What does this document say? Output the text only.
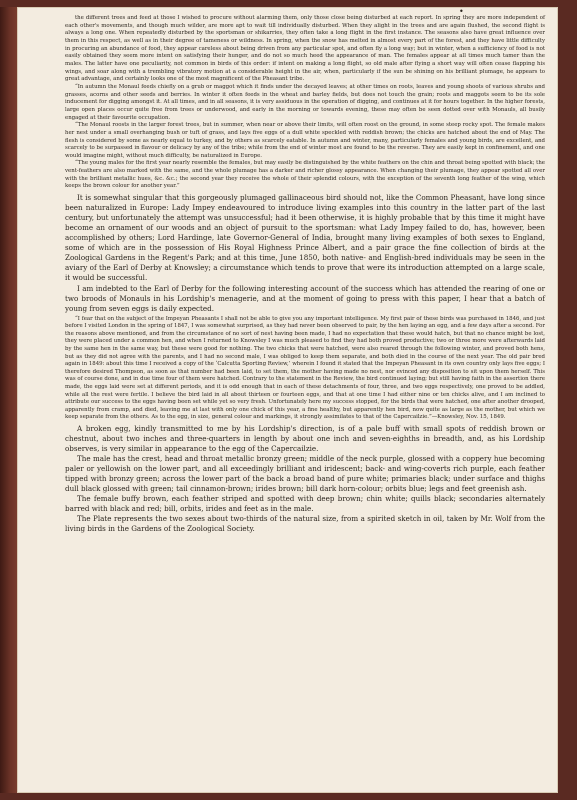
•

the different trees and feed at those I wished to procure without alarming them, only those close being disturbed at each report. In spring they are more independent of each other's movements, and though much wilder, are more apt to wait till individually disturbed. When they alight in the trees and are again flushed, the second flight is always a long one. When repeatedly disturbed by the sportsman or shikarries, they often take a long flight in the first instance. The seasons also have great influence over them in this respect, as well as in their degree of tameness or wildness. In spring, when the snow has melted in almost every part of the forest, and they have little difficulty in procuring an abundance of food, they appear careless about being driven from any particular spot, and often fly a long way; but in winter, when a sufficiency of food is not easily obtained they seem more intent on satisfying their hunger, and do not so much heed the appearance of man. The females appear at all times much tamer than the males. The latter have one peculiarity, not common in birds of this order: if intent on making a long flight, so old male after flying a short way will often cease flapping his wings, and soar along with a trembling vibratory motion at a considerable height in the air, when, particularly if the sun be shining on his brilliant plumage, he appears to great advantage, and certainly looks one of the most magnificent of the Pheasant tribe.

“In autumn the Monaul feeds chiefly on a grub or maggot which it finds under the decayed leaves; at other times on roots, leaves and young shoots of various shrubs and grasses, acorns and other seeds and berries. In winter it often feeds in the wheat and barley fields, but does not touch the grain; roots and maggots seem to be its sole inducement for digging amongst it. At all times, and in all seasons, it is very assiduous in the operation of digging, and continues at it for hours together. In the higher forests, large open places occur quite free from trees or underwood, and early in the morning or towards evening, these may often be seen dotted over with Monauls, all busily engaged at their favourite occupation.

“The Monaul roosts in the larger forest trees, but in summer, when near or above their limits, will often roost on the ground, in some steep rocky spot. The female makes her nest under a small overhanging bush or tuft of grass, and lays five eggs of a dull white speckled with reddish brown; the chicks are hatched about the end of May. The flesh is considered by some as nearly equal to turkey, and by others as scarcely eatable. In autumn and winter, many, particularly females and young birds, are excellent, and scarcely to be surpassed in flavour or delicacy by any of the tribe; while from the end of winter most are found to be the reverse. They are easily kept in confinement, and one would imagine might, without much difficulty, be naturalized in Europe.

“The young males for the first year nearly resemble the females, but may easily be distinguished by the white feathers on the chin and throat being spotted with black; the vent-feathers are also marked with the same, and the whole plumage has a darker and richer glossy appearance. When changing their plumage, they appear spotted all over with the brilliant metallic hues, &c. &c.; the second year they receive the whole of their splendid colours, with the exception of the seventh long feather of the wing, which keeps the brown colour for another year.”

It is somewhat singular that this gorgeously plumaged gallinaceous bird should not, like the Common Pheasant, have long since been naturalized in Europe: Lady Impey endeavoured to introduce living examples into this country in the latter part of the last century, but unfortunately the attempt was unsuccessful; had it been otherwise, it is highly probable that by this time it might have become an ornament of our woods and an object of pursuit to the sportsman: what Lady Impey failed to do, has, however, been accomplished by others; Lord Hardinge, late Governor-General of India, brought many living examples of both sexes to England, some of which are in the possession of His Royal Highness Prince Albert, and a pair grace the fine collection of birds at the Zoological Gardens in the Regent's Park; and at this time, June 1850, both native- and English-bred individuals may be seen in the aviary of the Earl of Derby at Knowsley; a circumstance which tends to prove that were its introduction attempted on a large scale, it would be successful.

I am indebted to the Earl of Derby for the following interesting account of the success which has attended the rearing of one or two broods of Monauls in his Lordship's menagerie, and at the moment of going to press with this paper, I hear that a batch of young from seven eggs is daily expected.

“I fear that on the subject of the Impeyan Pheasants I shall not be able to give you any important intelligence. My first pair of these birds was purchased in 1846, and just before I visited London in the spring of 1847, I was somewhat surprised, as they had never been observed to pair, by the hen laying an egg, and a few days after a second. For the reasons above mentioned, and from the circumstance of no sort of nest having been made, I had no expectation that these would hatch, but that no chance might be lost, they were placed under a common hen, and when I returned to Knowsley I was much pleased to find they had both proved productive; two or three more were afterwards laid by the same hen in the same way, but these were good for nothing. The two chicks that were hatched, were also reared through the following winter, and proved both hens, but as they did not agree with the parents, and I had no second male, I was obliged to keep them separate, and both died in the course of the next year. The old pair bred again in 1849: about this time I received a copy of the ‘Calcutta Sporting Review,’ wherein I found it stated that the Impeyan Pheasant in its own country only lays five eggs; I therefore desired Thompson, as soon as that number had been laid, to set them, the mother having made no nest, nor evinced any disposition to sit upon them herself. This was of course done, and in due time four of them were hatched. Contrary to the statement in the Review, the bird continued laying; but still having faith in the assertion there made, the eggs laid were set at different periods, and it is odd enough that in each of these detachments of four, three, and two eggs respectively, one proved to be addled, while all the rest were fertile. I believe the bird laid in all about thirteen or fourteen eggs, and that at one time I had either nine or ten chicks alive, and I am inclined to attribute our success to the eggs having been set while yet so very fresh. Unfortunately here my success stopped, for the birds that were hatched, one after another drooped, apparently from cramp, and died, leaving me at last with only one chick of this year, a fine healthy, but apparently hen bird, now quite as large as the mother, but which we keep separate from the others. As to the egg, in size, general colour and markings, it strongly assimilates to that of the Capercailzie.”—Knowsley, Nov. 15, 1849.

A broken egg, kindly transmitted to me by his Lordship's direction, is of a pale buff with small spots of reddish brown or chestnut, about two inches and three-quarters in length by about one inch and seven-eighths in breadth, and, as his Lordship observes, is very similar in appearance to the egg of the Capercailzie.

The male has the crest, head and throat metallic bronzy green; middle of the neck purple, glossed with a coppery hue becoming paler or yellowish on the lower part, and all exceedingly brilliant and iridescent; back- and wing-coverts rich purple, each feather tipped with bronzy green; across the lower part of the back a broad band of pure white; primaries black; under surface and thighs dull black glossed with green; tail cinnamon-brown; irides brown; bill dark horn-colour; orbits blue; legs and feet greenish ash.

The female buffy brown, each feather striped and spotted with deep brown; chin white; quills black; secondaries alternately barred with black and red; bill, orbits, irides and feet as in the male.

The Plate represents the two sexes about two-thirds of the natural size, from a spirited sketch in oil, taken by Mr. Wolf from the living birds in the Gardens of the Zoological Society.
